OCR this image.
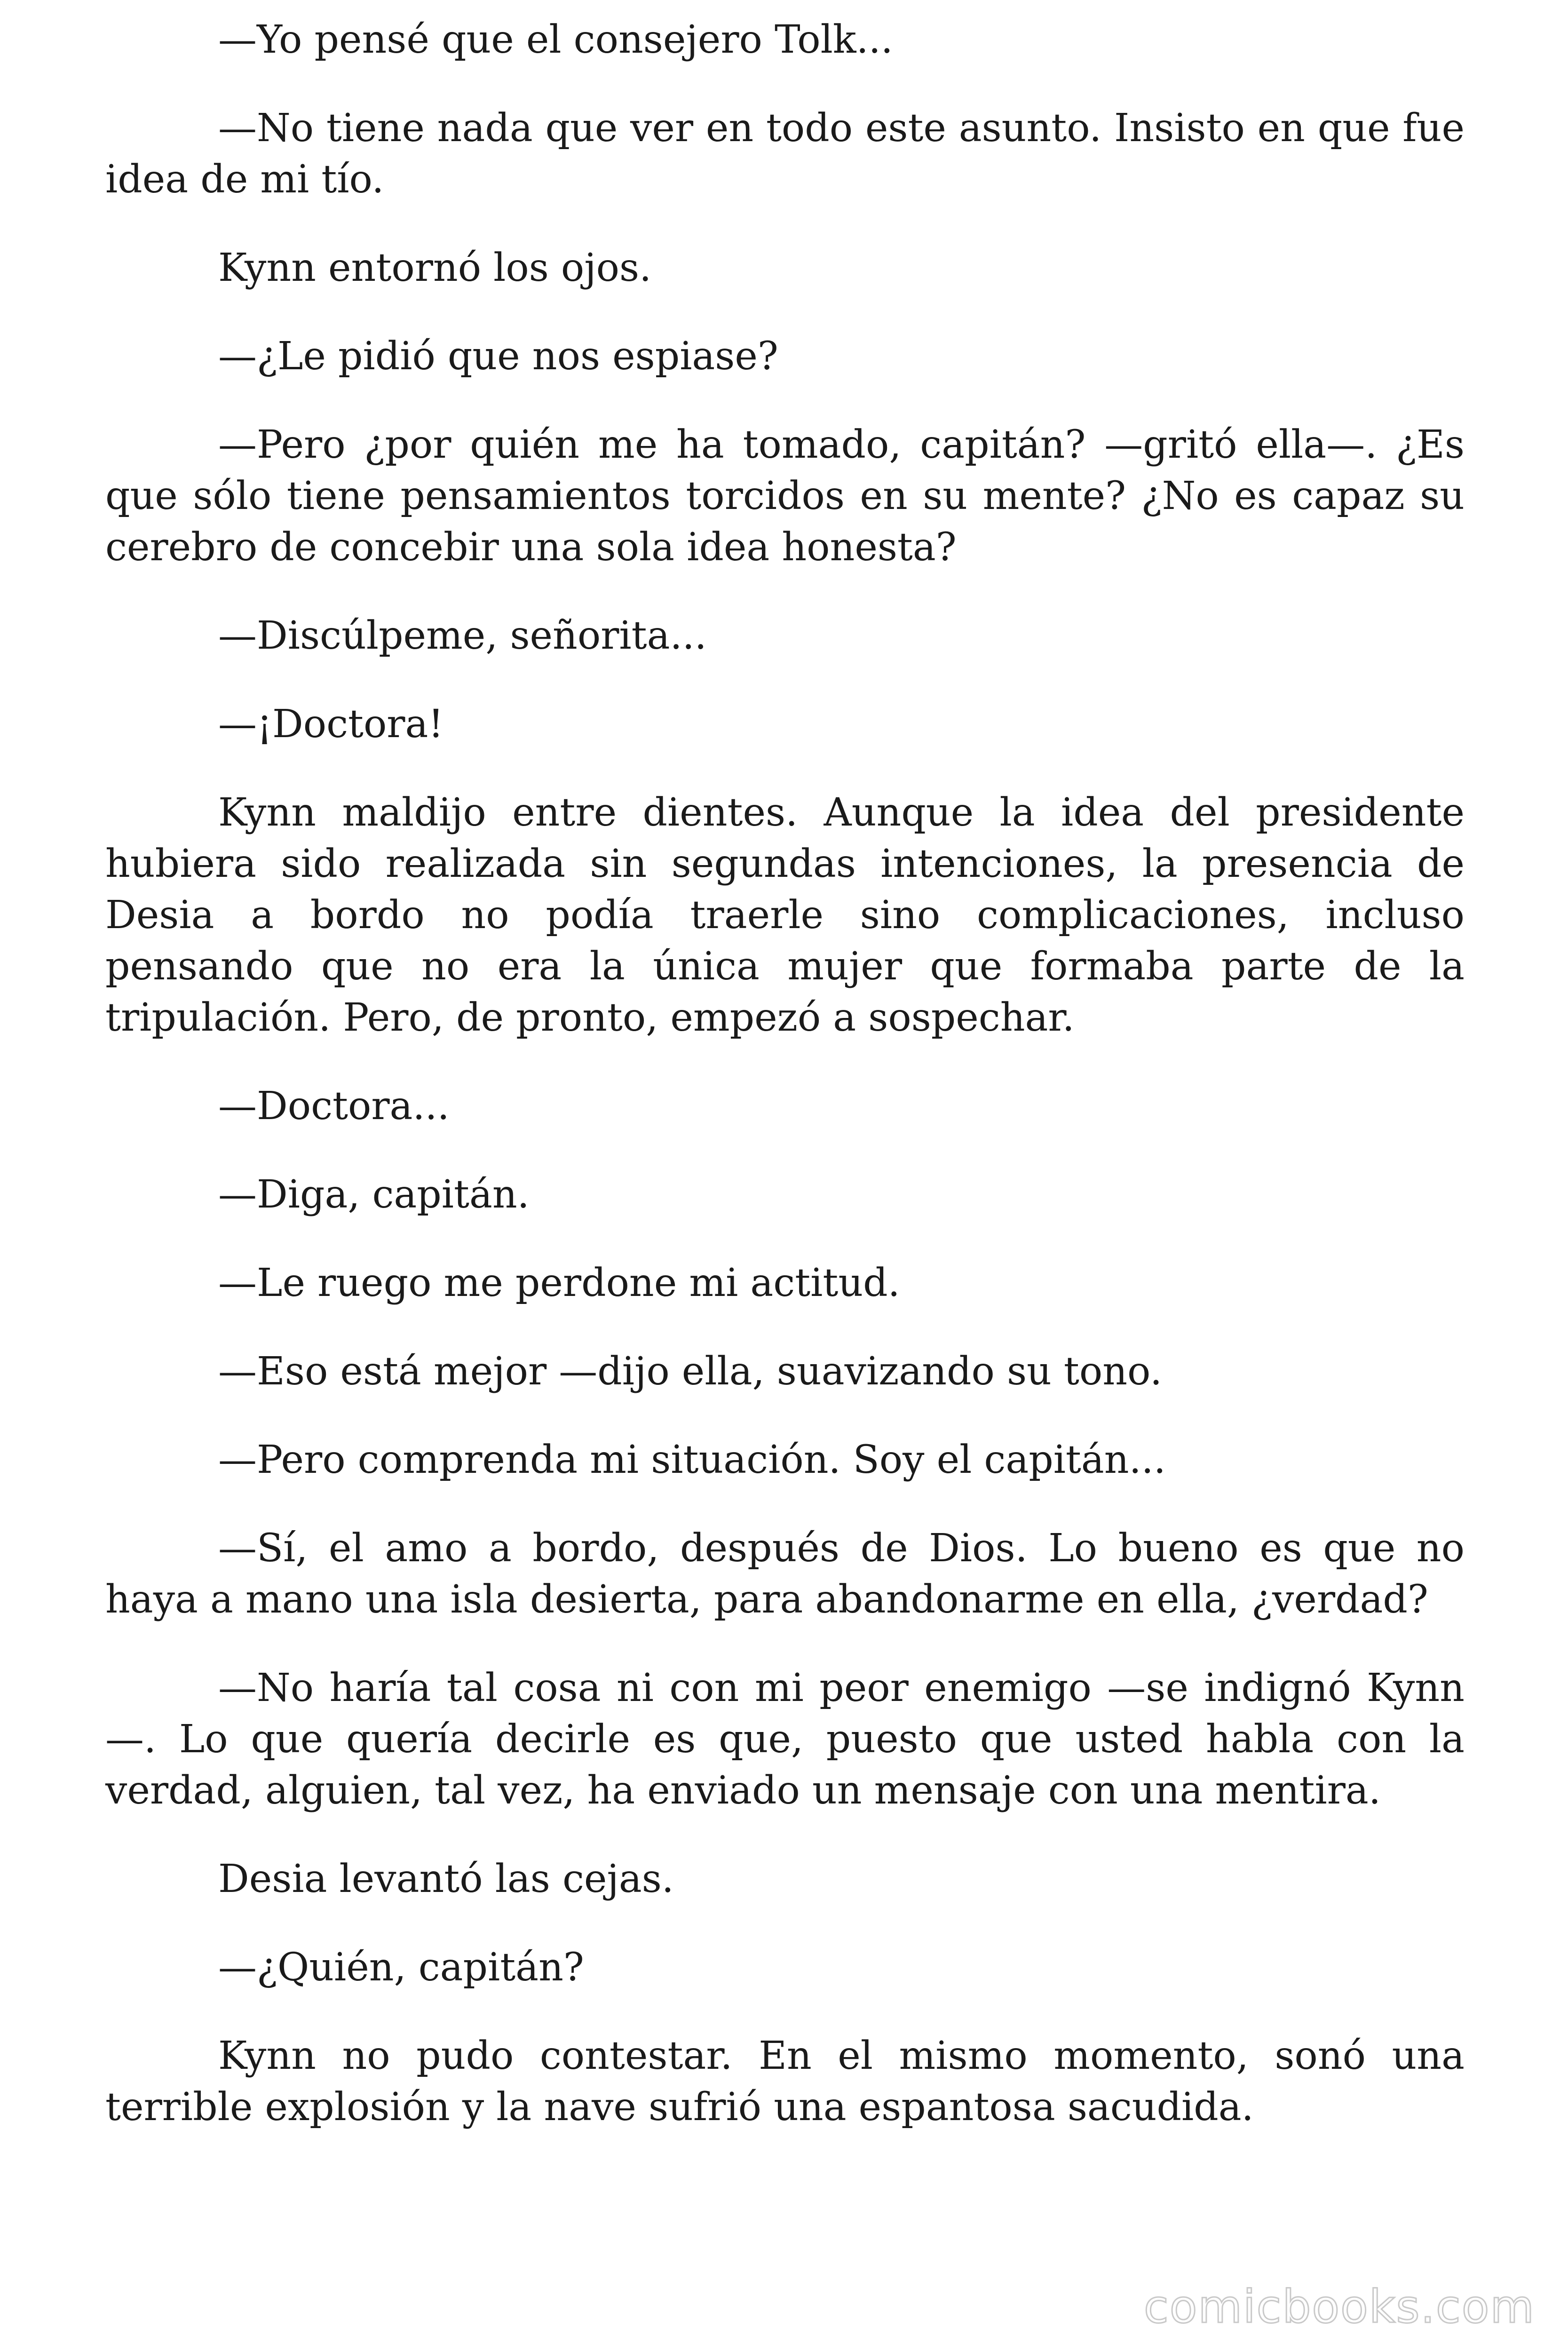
—Yo pensé que el consejero Tolk...

—No tiene nada que ver en todo este asunto. Insisto en que fue idea de mi tío.

Kynn entornó los ojos.

—¿Le pidió que nos espiase?

—Pero ¿por quién me ha tomado, capitán? —gritó ella—. ¿Es que sólo tiene pensamientos torcidos en su mente? ¿No es capaz su cerebro de concebir una sola idea honesta?

—Discúlpeme, señorita...

—¡Doctora!

Kynn maldijo entre dientes. Aunque la idea del presidente hubiera sido realizada sin segundas intenciones, la presencia de Desia a bordo no podía traerle sino complicaciones, incluso pensando que no era la única mujer que formaba parte de la tripulación. Pero, de pronto, empezó a sospechar.

—Doctora...

—Diga, capitán.

—Le ruego me perdone mi actitud.

—Eso está mejor —dijo ella, suavizando su tono.

—Pero comprenda mi situación. Soy el capitán...

—Sí, el amo a bordo, después de Dios. Lo bueno es que no haya a mano una isla desierta, para abandonarme en ella, ¿verdad?

—No haría tal cosa ni con mi peor enemigo —se indignó Kynn —. Lo que quería decirle es que, puesto que usted habla con la verdad, alguien, tal vez, ha enviado un mensaje con una mentira.

Desia levantó las cejas.

—¿Quién, capitán?

Kynn no pudo contestar. En el mismo momento, sonó una terrible explosión y la nave sufrió una espantosa sacudida.

comicbooks.com
